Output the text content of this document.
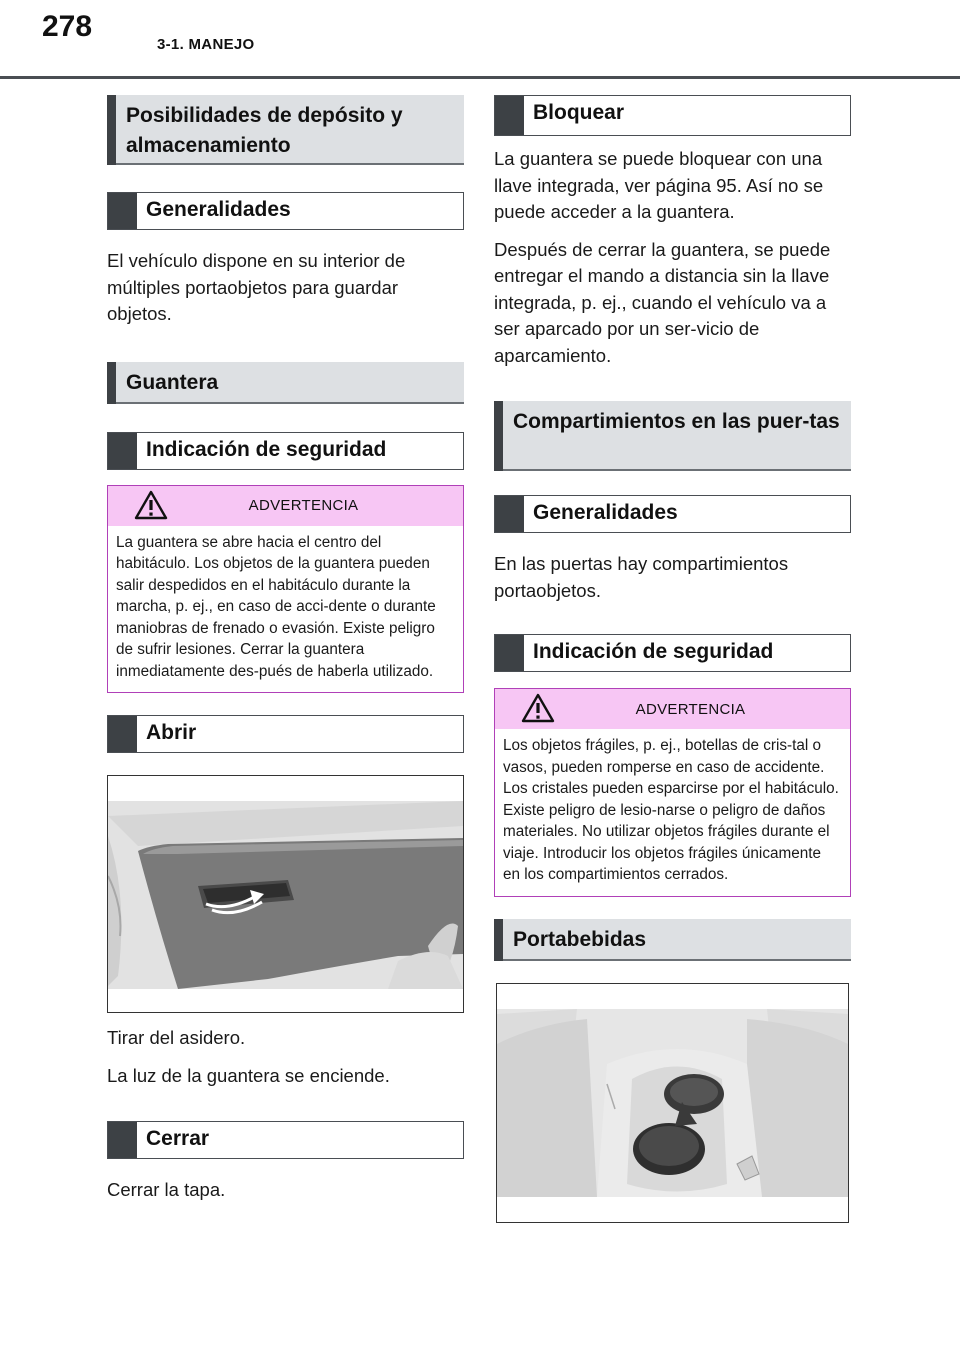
278
3-1. MANEJO
Posibilidades de depósito y almacenamiento
Generalidades

El vehículo dispone en su interior de múltiples portaobjetos para guardar objetos.

Guantera
Indicación de seguridad
ADVERTENCIA
La guantera se abre hacia el centro del habitáculo. Los objetos de la guantera pueden salir despedidos en el habitáculo durante la marcha, p. ej., en caso de acci-dente o durante maniobras de frenado o evasión. Existe peligro de sufrir lesiones. Cerrar la guantera inmediatamente des-pués de haberla utilizado.
Abrir

Tirar del asidero.

La luz de la guantera se enciende.

Cerrar

Cerrar la tapa.

Bloquear

La guantera se puede bloquear con una llave integrada, ver página 95. Así no se puede acceder a la guantera.

Después de cerrar la guantera, se puede entregar el mando a distancia sin la llave integrada, p. ej., cuando el vehículo va a ser aparcado por un ser-vicio de aparcamiento.

Compartimientos en las puer-tas
Generalidades

En las puertas hay compartimientos portaobjetos.

Indicación de seguridad
ADVERTENCIA
Los objetos frágiles, p. ej., botellas de cris-tal o vasos, pueden romperse en caso de accidente. Los cristales pueden esparcirse por el habitáculo. Existe peligro de lesio-narse o peligro de daños materiales. No utilizar objetos frágiles durante el viaje. Introducir los objetos frágiles únicamente en los compartimientos cerrados.
Portabebidas
